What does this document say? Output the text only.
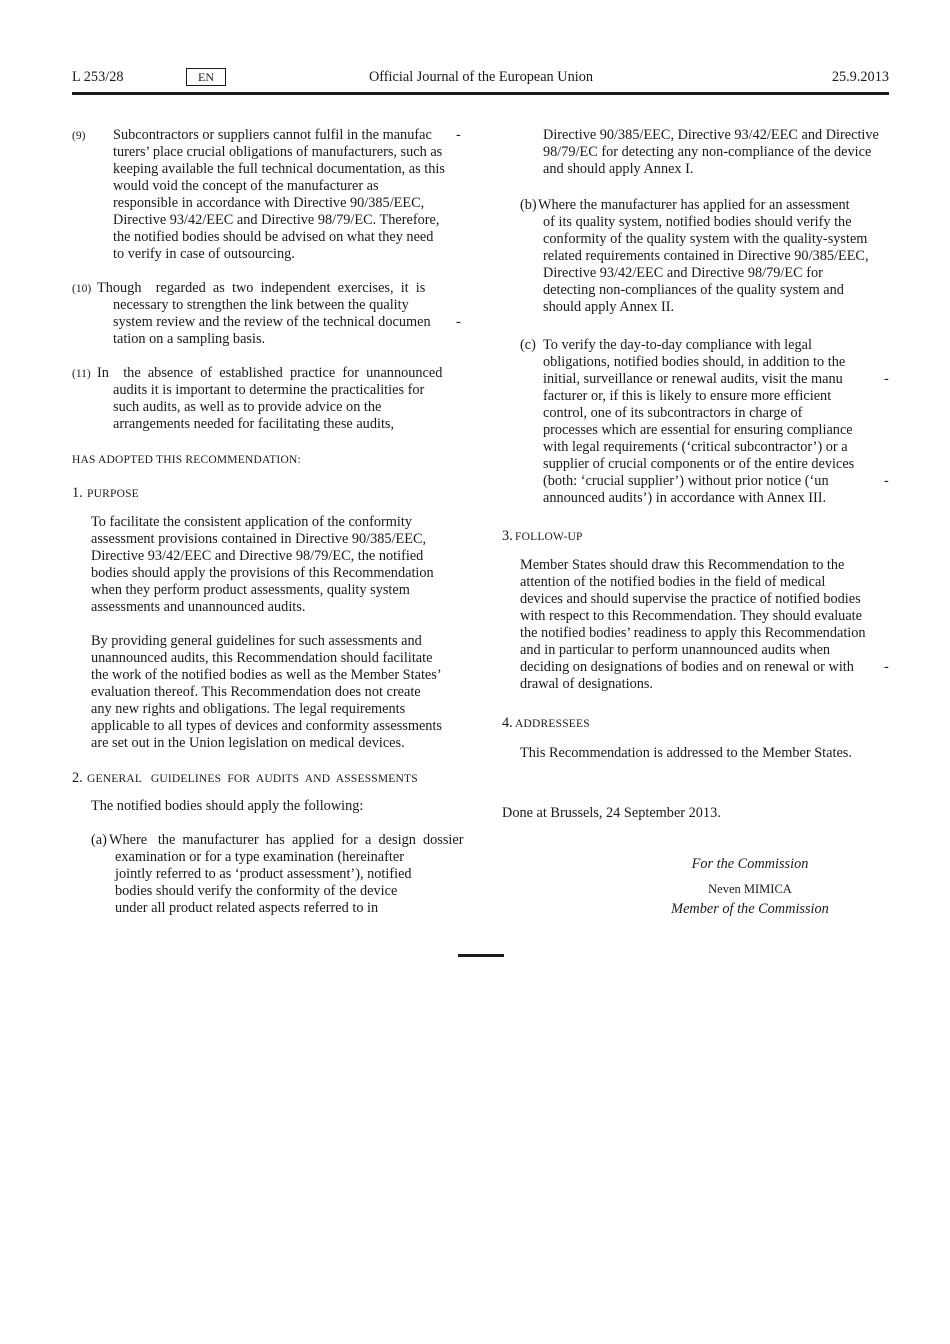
L 253/28	EN	Official Journal of the European Union	25.9.2013
(9) Subcontractors or suppliers cannot fulfil in the manufac -
turers’ place crucial obligations of manufacturers, such as
keeping available the full technical documentation, as this
would void the concept of the manufacturer as
responsible in accordance with Directive 90/385/EEC,
Directive 93/42/EEC and Directive 98/79/EC. Therefore,
the notified bodies should be advised on what they need
to verify in case of outsourcing.
(10) Though    regarded  as  two  independent  exercises,  it  is
necessary to strengthen the link between the quality
system review and the review of the technical documen -
tation on a sampling basis.
(11) In    the  absence  of  established  practice  for  unannounced
audits it is important to determine the practicalities for
such audits, as well as to provide advice on the
arrangements needed for facilitating these audits,
HAS ADOPTED THIS RECOMMENDATION:
1. PURPOSE
To facilitate the consistent application of the conformity
assessment provisions contained in Directive 90/385/EEC,
Directive 93/42/EEC and Directive 98/79/EC, the notified
bodies should apply the provisions of this Recommendation
when they perform product assessments, quality system
assessments and unannounced audits.
By providing general guidelines for such assessments and
unannounced audits, this Recommendation should facilitate
the work of the notified bodies as well as the Member States’
evaluation thereof. This Recommendation does not create
any new rights and obligations. The legal requirements
applicable to all types of devices and conformity assessments
are set out in the Union legislation on medical devices.
2. GENERAL   GUIDELINES  FOR  AUDITS  AND  ASSESSMENTS
The notified bodies should apply the following:
(a) Where   the  manufacturer  has  applied  for  a  design  dossier
examination or for a type examination (hereinafter
jointly referred to as ‘product assessment’), notified
bodies should verify the conformity of the device
under all product related aspects referred to in
Directive 90/385/EEC, Directive 93/42/EEC and Directive
98/79/EC for detecting any non-compliance of the device
and should apply Annex I.
(b) Where the manufacturer has applied for an assessment
of its quality system, notified bodies should verify the
conformity of the quality system with the quality-system
related requirements contained in Directive 90/385/EEC,
Directive 93/42/EEC and Directive 98/79/EC for
detecting non-compliances of the quality system and
should apply Annex II.
(c) To verify the day-to-day compliance with legal
obligations, notified bodies should, in addition to the
initial, surveillance or renewal audits, visit the manu	-
facturer or, if this is likely to ensure more efficient
control, one of its subcontractors in charge of
processes which are essential for ensuring compliance
with legal requirements (‘critical subcontractor’) or a
supplier of crucial components or of the entire devices
(both: ‘crucial supplier’) without prior notice (‘un	-
announced audits’) in accordance with Annex III.
3. FOLLOW-UP
Member States should draw this Recommendation to the
attention of the notified bodies in the field of medical
devices and should supervise the practice of notified bodies
with respect to this Recommendation. They should evaluate
the notified bodies’ readiness to apply this Recommendation
and in particular to perform unannounced audits when
deciding on designations of bodies and on renewal or with -
drawal of designations.
4. ADDRESSEES
This Recommendation is addressed to the Member States.
Done at Brussels, 24 September 2013.
For the Commission
Neven MIMICA
Member of the Commission
